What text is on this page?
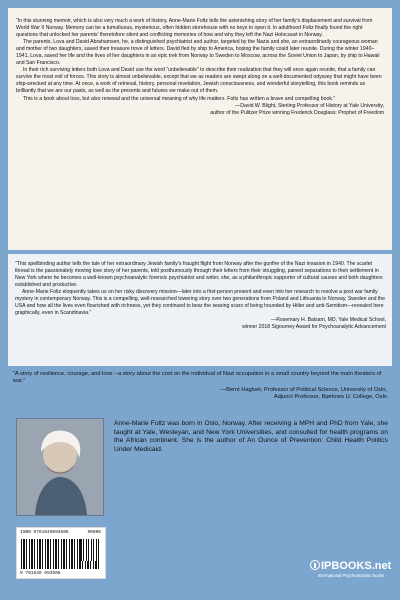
“In this stunning memoir, which is also very much a work of history, Anne-Marie Foltz tells the astonishing story of her family’s displacement and survival from World War II Norway. Memory can be a tumultuous, mysterious, often hidden storehouse with no keys to open it. In adulthood Foltz finally found the right questions that unlocked her parents’ theretofore silent and conflicting memories of how and why they left the Nazi Holocaust in Norway.

The parents, Lova and David Abrahamsen, he, a distinguished psychiatrist and author, targeted by the Nazis and she, an extraordinarily courageous woman and mother of two daughters, saved their treasure trove of letters. David fled by ship to America, hoping the family could later reunite. During the winter 1940–1941, Lova, saved her life and the lives of her daughters in an epic trek from Norway to Sweden to Moscow, across the Soviet Union to Japan, by ship to Hawaii and San Francisco.

In their rich surviving letters both Lova and David use the word “unbelievable” to describe their realization that they will once again reunite, that a family can survive the most evil of forces. This story is almost unbelievable, except that we as readers are swept along on a well-documented odyssey that might have been ship-wrecked at any time. At once, a work of retrieval, history, personal revelation, Jewish consciousness, and wonderful storytelling, this book reminds us brilliantly that we are our pasts, as well as the presents and futures we make out of them.

This is a book about loss, but also renewal and the universal meaning of why life matters. Foltz has written a brave and compelling book.”

—David W. Blight, Sterling Professor of History at Yale University,

author of the Pulitzer Prize winning Frederick Douglass: Prophet of Freedom

“This spellbinding author tells the tale of her extraordinary Jewish family’s fraught flight from Norway after the gunfire of the Nazi invasion in 1940. The scarlet thread is the passionately moving love story of her parents, told posthumously through their letters from their struggling, pained separations to their settlement in New York where he becomes a well-known psychoanalytic forensic psychiatrist and writer, she, as a philanthropic supporter of cultural causes and both daughters established and productive.

Anne-Marie Foltz eloquently takes us on her risky discovery mission—later into a first-person present and even into her research to resolve a post war family mystery in contemporary Norway. This is a compelling, well-researched towering story over two generations from Poland and Lithuania to Norway, Sweden and the USA and how all the lives even flourished with richness, yet they continued to bear the searing scars of being hounded by Hitler and anti-Semitism—revealed here graphically, even in Scandinavia.”

—Rosemary H. Balsam, MD, Yale Medical School,

winner 2018 Sigourney Award for Psychoanalytic Advancement

“A story of resilience, courage, and love --a story about the cost on the individual of Nazi occupation in a small country beyond the main theaters of war.”
—Bernt Hagtvet, Professor of Political Science, University of Oslo,
Adjunct Professor, Bjørknes U. College, Oslo
Anne-Marie Foltz was born in Oslo, Norway. After receiving a MPH and PhD from Yale, she taught at Yale, Wesleyan, and New York Universities, and consulted for health programs on the African continent. She is the author of An Ounce of Prevention: Child Health Politics Under Medicaid.
ISBN 9781949093506	90000
9 781949 093506
IPBOOKS.net
International Psychoanalytic Books
